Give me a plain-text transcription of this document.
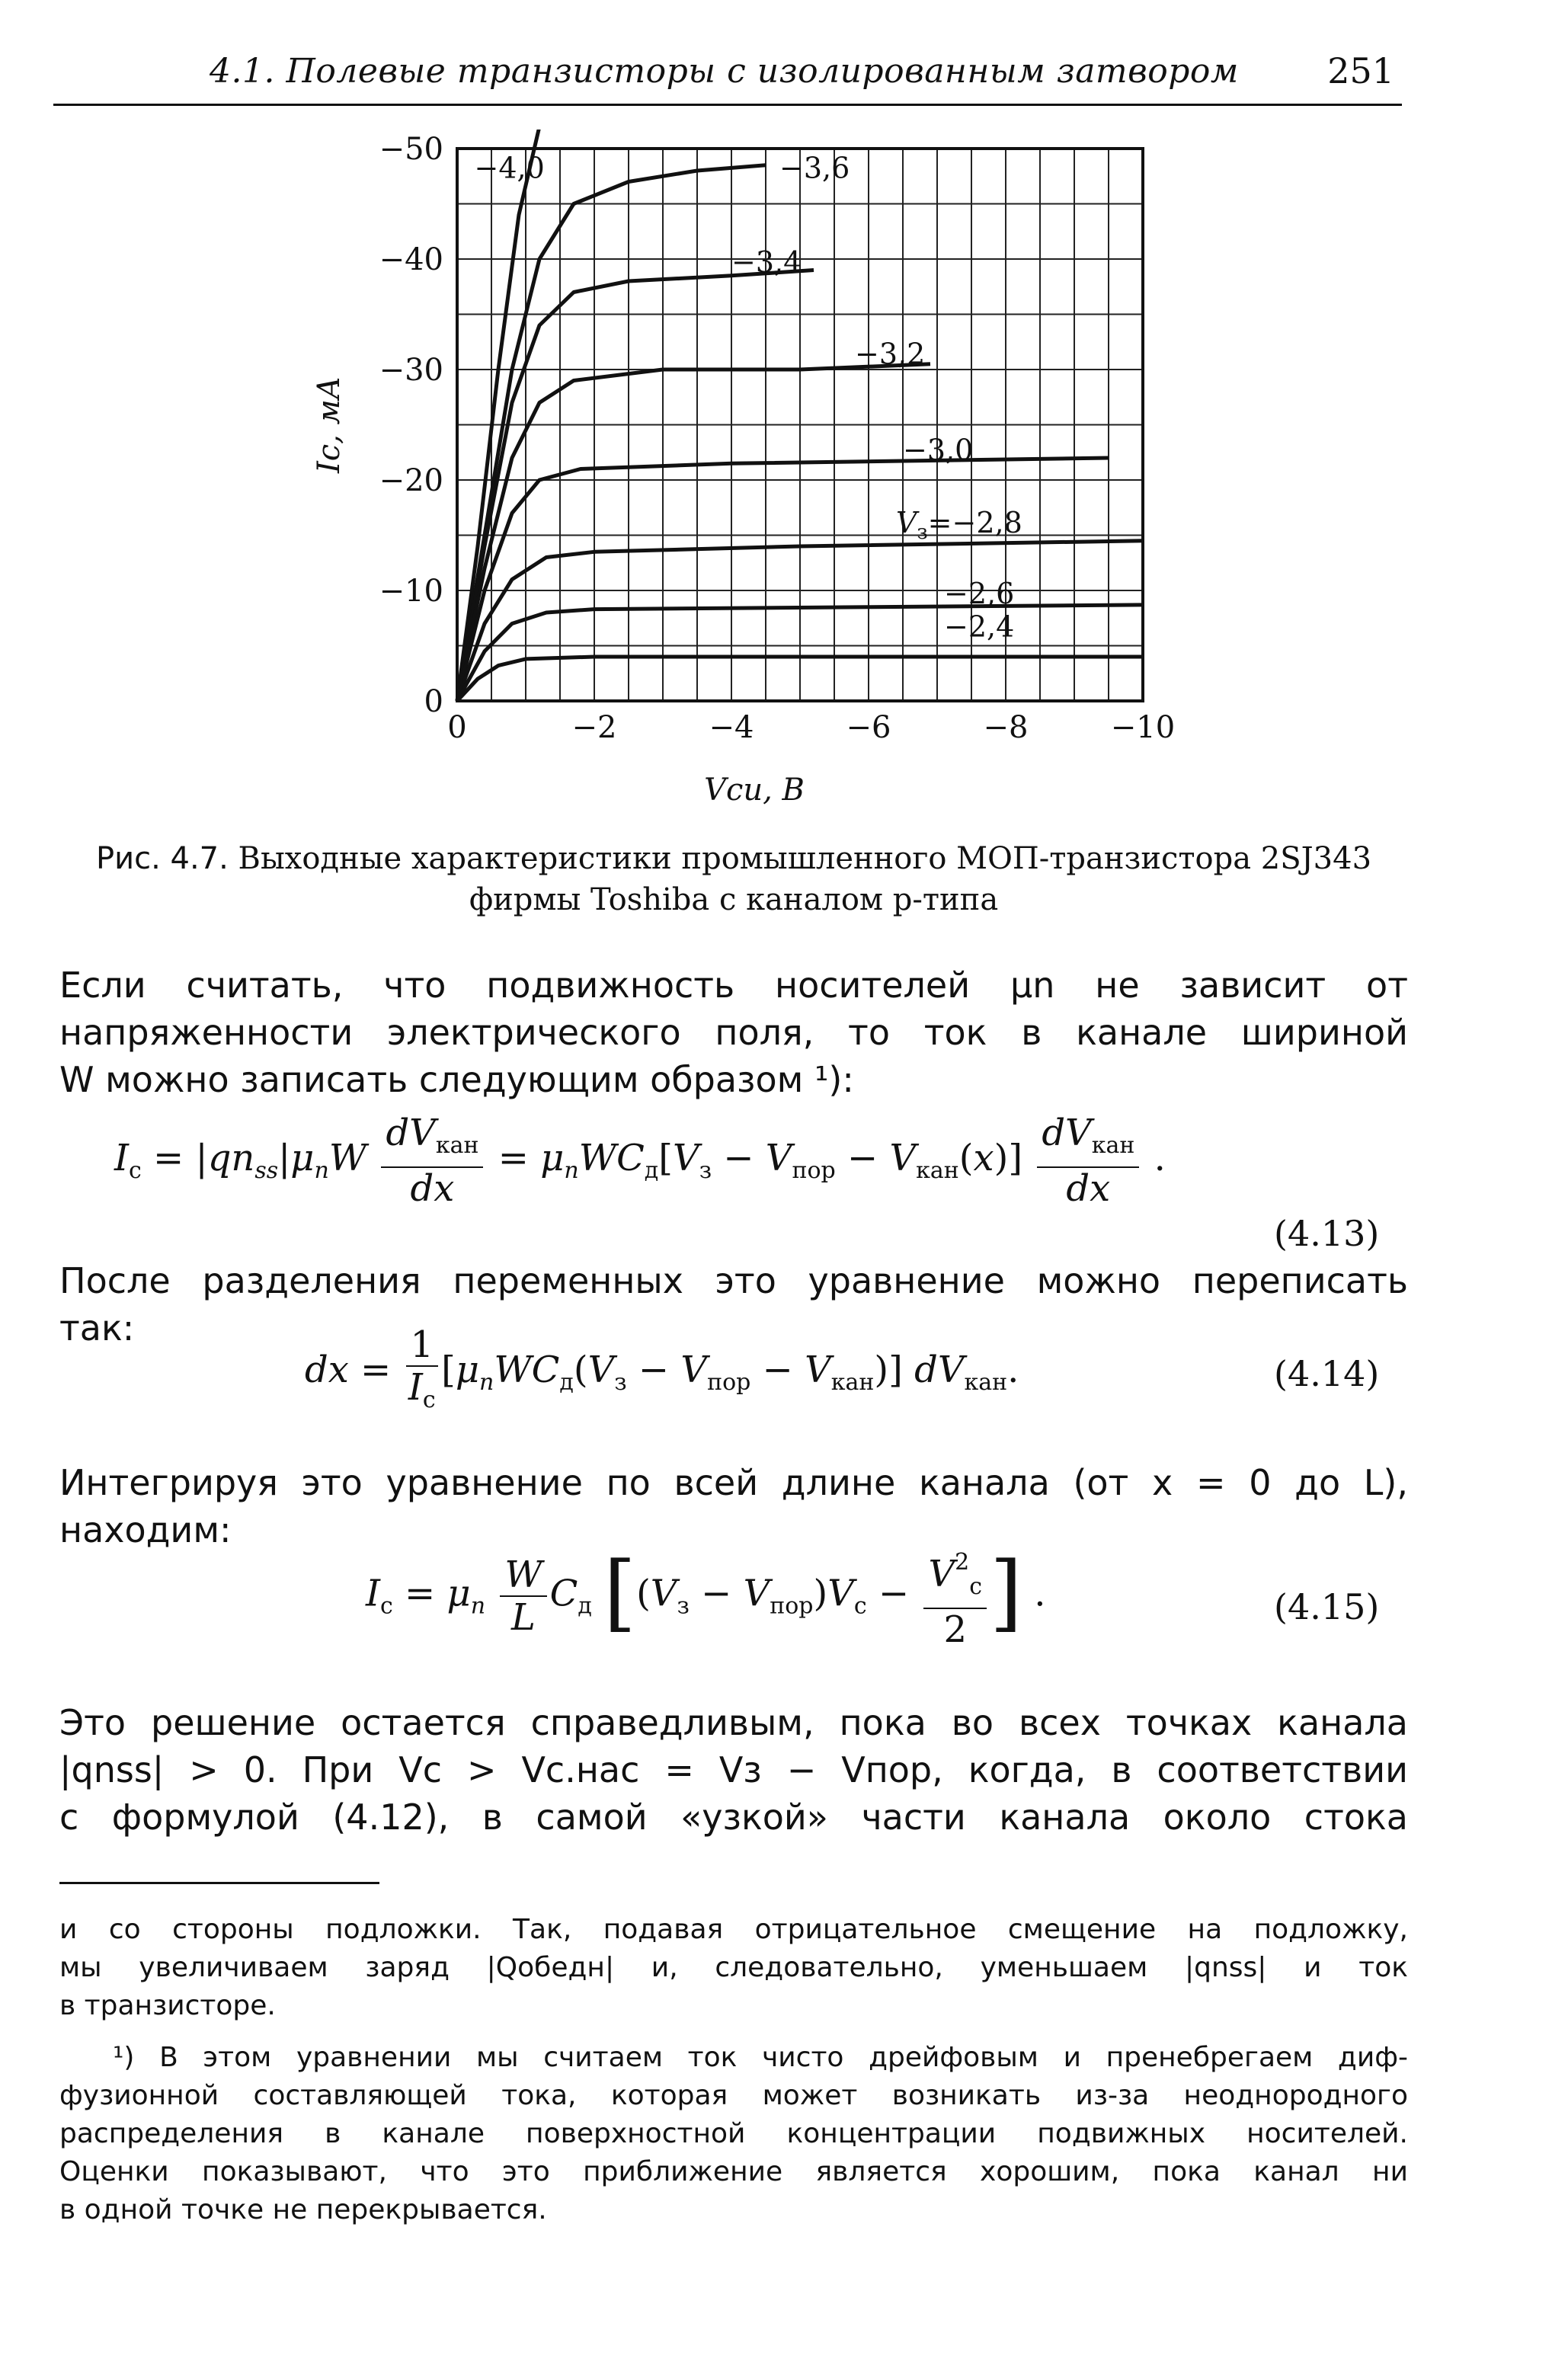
4.1. Полевые транзисторы с изолированным затвором	251
0	−2	−4	−6	−8	−10
0
−10
−20
−30
−40
−50
Vси, В
Iс, мА
−4,0	−3,6
−3,4
−3,2
−3,0
$V_з=-2,8$
−2,6
−2,4
Рис. 4.7. Выходные характеристики промышленного МОП-транзистора 2SJ343 фирмы Toshiba с каналом p-типа
Если считать, что подвижность носителей μn не зависит от
напряженности электрического поля, то ток в канале шириной
W можно записать следующим образом ¹):
$I_с = |qn_{ss}|\mu_nW \frac{dV_{кан}}{dx} = \mu_nWC_д[V_з - V_{пор} - V_{кан}(x)] \frac{dV_{кан}}{dx}$ .
(4.13)
После разделения переменных это уравнение можно переписать
так:
dx = $\frac{1}{I_с} [\mu_nWC_д(V_з - V_{пор} - V_{кан})]$ $dV_{кан}$.	(4.14)
Интегрируя это уравнение по всей длине канала (от x = 0 до L),
находим:
$I_с = \mu_n \frac{W}{L} C_д$ [$(V_з - V_{пор})V_с - \frac{V^2_с}{2}$ ] .	(4.15)
Это решение остается справедливым, пока во всех точках канала
|qnss| > 0. При Vс > Vс.нас = Vз − Vпор, когда, в соответствии
с формулой (4.12), в самой «узкой» части канала около стока
и со стороны подложки. Так, подавая отрицательное смещение на подложку,
мы увеличиваем заряд |Qобедн| и, следовательно, уменьшаем |qnss| и ток
в транзисторе.
¹) В этом уравнении мы считаем ток чисто дрейфовым и пренебрегаем диф-
фузионной составляющей тока, которая может возникать из-за неоднородного
распределения в канале поверхностной концентрации подвижных носителей.
Оценки показывают, что это приближение является хорошим, пока канал ни
в одной точке не перекрывается.
